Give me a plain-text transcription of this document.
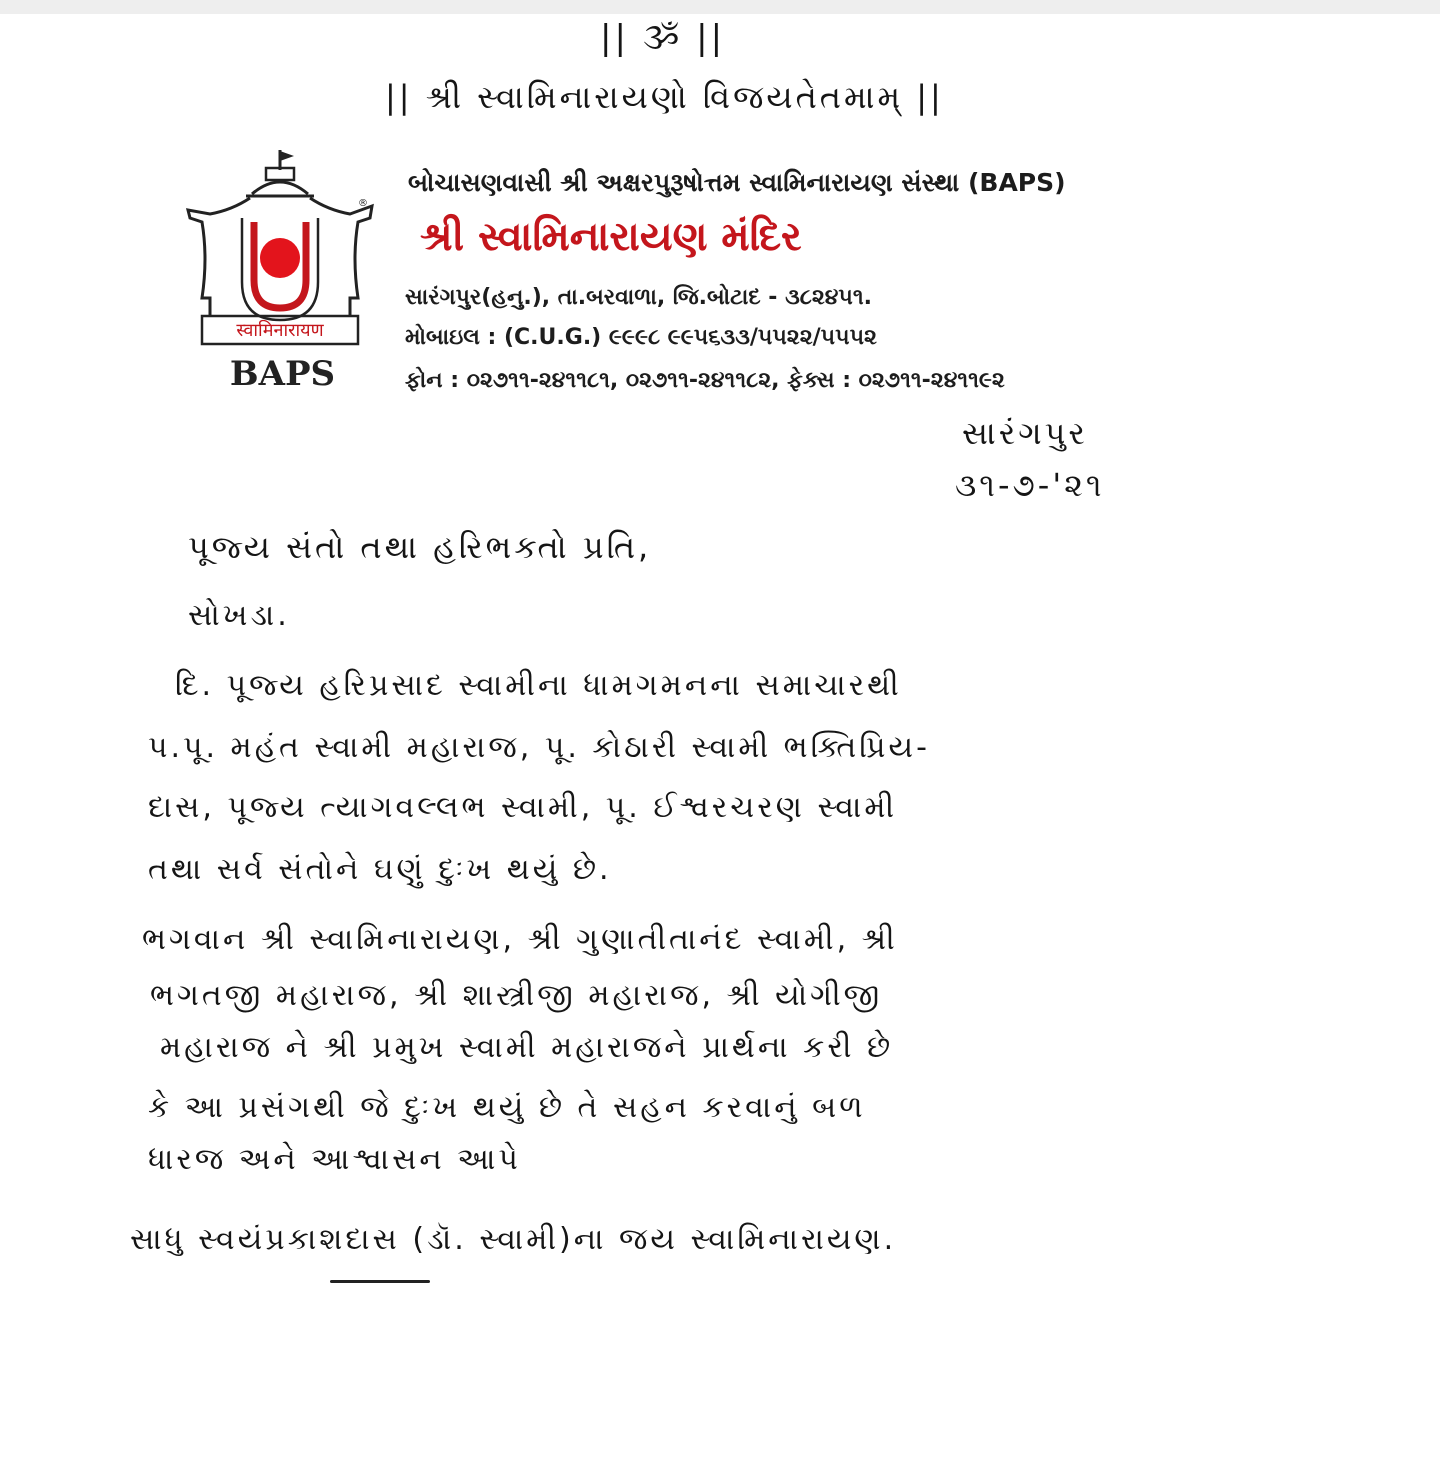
|| ૐ ||
|| શ્રી સ્વામિનારાયણો વિજયતેતમામ્ ||
®
स्वामिनारायण
BAPS
બોચાસણવાસી શ્રી અક્ષરપુરૂષોત્તમ સ્વામિનારાયણ સંસ્થા (BAPS)
શ્રી સ્વામિનારાયણ મંદિર
સારંગપુર(હનુ.), તા.બરવાળા, જિ.બોટાદ - ૩૮૨૪૫૧.
મોબાઇલ : (C.U.G.) ૯૯૯૮ ૯૯૫૬૩૩/૫૫૨૨/૫૫૫૨
ફોન : ૦૨૭૧૧-૨૪૧૧૮૧, ૦૨૭૧૧-૨૪૧૧૮૨, ફેક્સ : ૦૨૭૧૧-૨૪૧૧૯૨
સારંગપુર
૩૧-૭-'૨૧
પૂજ્ય સંતો તથા હરિભક્તો પ્રતિ,
સોખડા.
દિ. પૂજ્ય હરિપ્રસાદ સ્વામીના ધામગમનના સમાચારથી
પ.પૂ. મહંત સ્વામી મહારાજ, પૂ. કોઠારી સ્વામી ભક્તિપ્રિય-
દાસ, પૂજ્ય ત્યાગવલ્લભ સ્વામી, પૂ. ઈશ્વરચરણ સ્વામી
તથા સર્વ સંતોને ઘણું દુઃખ થયું છે.
ભગવાન શ્રી સ્વામિનારાયણ, શ્રી ગુણાતીતાનંદ સ્વામી, શ્રી
ભગતજી મહારાજ, શ્રી શાસ્ત્રીજી મહારાજ, શ્રી યોગીજી
મહારાજ ને શ્રી પ્રમુખ સ્વામી મહારાજને પ્રાર્થના કરી છે
કે આ પ્રસંગથી જે દુઃખ થયું છે તે સહન કરવાનું બળ
ધારજ અને આશ્વાસન આપે
સાધુ સ્વયંપ્રકાશદાસ (ડૉ. સ્વામી)ના જય સ્વામિનારાયણ.
